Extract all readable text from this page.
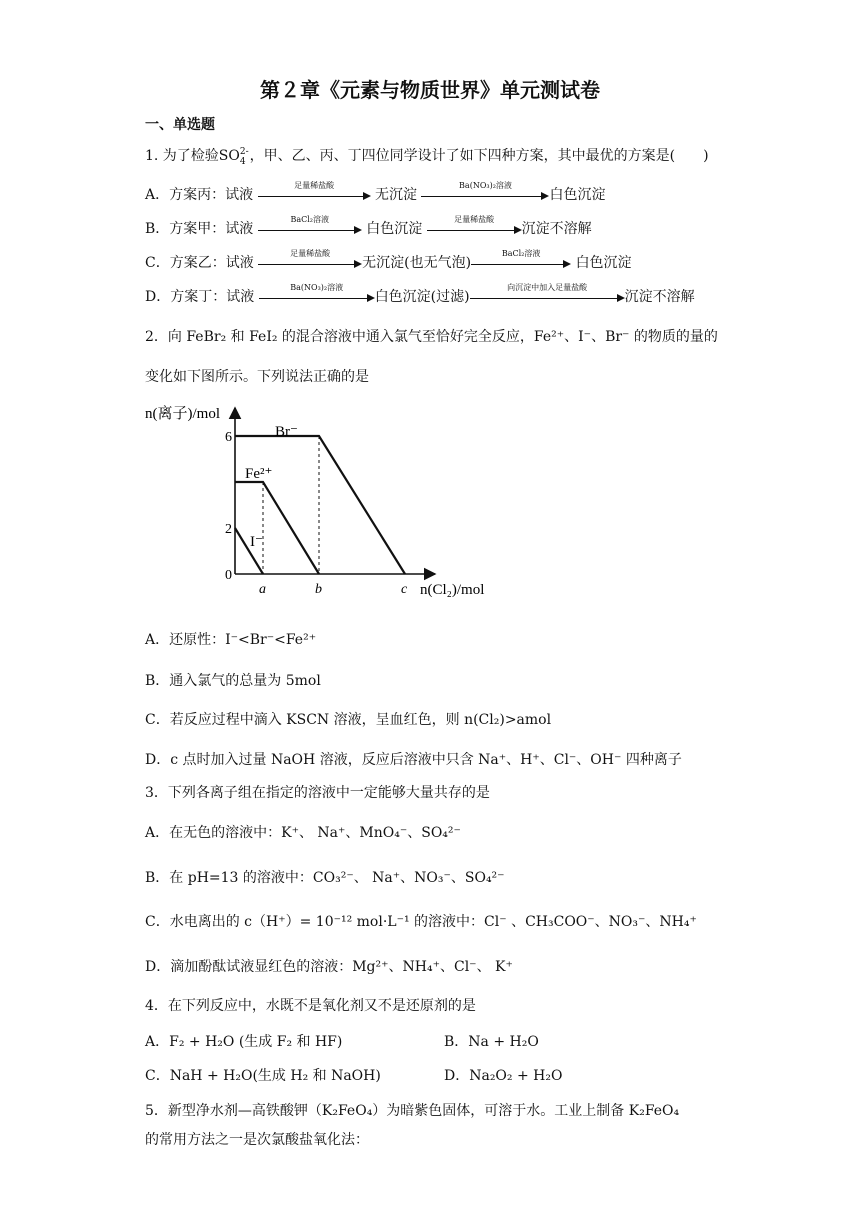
第２章《元素与物质世界》单元测试卷
一、单选题
1. 为了检验SO2-
4 ，甲、乙、丙、丁四位同学设计了如下四种方案，其中最优的方案是(　　)
A．方案丙：试液
足量稀盐酸
无沉淀
Ba(NO₃)₂溶液
白色沉淀
B．方案甲：试液
BaCl₂溶液
白色沉淀
足量稀盐酸
沉淀不溶解
C．方案乙：试液
足量稀盐酸
无沉淀(也无气泡)
BaCl₂溶液
白色沉淀
D．方案丁：试液
Ba(NO₃)₂溶液
白色沉淀(过滤)
向沉淀中加入足量盐酸
沉淀不溶解
2．向 FeBr₂ 和 FeI₂ 的混合溶液中通入氯气至恰好完全反应，Fe²⁺、I⁻、Br⁻ 的物质的量的
变化如下图所示。下列说法正确的是
n(离子)/mol
n(Cl₂)/mol
0
2
6
a	b	c
Br⁻
Fe²⁺
I⁻
A．还原性：I⁻<Br⁻<Fe²⁺
B．通入氯气的总量为 5mol
C．若反应过程中滴入 KSCN 溶液，呈血红色，则 n(Cl₂)>amol
D．c 点时加入过量 NaOH 溶液，反应后溶液中只含 Na⁺、H⁺、Cl⁻、OH⁻ 四种离子
3．下列各离子组在指定的溶液中一定能够大量共存的是
A．在无色的溶液中：K⁺、 Na⁺、MnO₄⁻、SO₄²⁻
B．在 pH=13 的溶液中：CO₃²⁻、 Na⁺、NO₃⁻、SO₄²⁻
C．水电离出的 c（H⁺）= 10⁻¹² mol·L⁻¹ 的溶液中：Cl⁻ 、CH₃COO⁻、NO₃⁻、NH₄⁺
D．滴加酚酞试液显红色的溶液：Mg²⁺、NH₄⁺、Cl⁻、 K⁺
4．在下列反应中，水既不是氧化剂又不是还原剂的是
A．F₂ + H₂O (生成 F₂ 和 HF)	B．Na + H₂O
C．NaH + H₂O(生成 H₂ 和 NaOH)	D．Na₂O₂ + H₂O
5．新型净水剂—高铁酸钾（K₂FeO₄）为暗紫色固体，可溶于水。工业上制备 K₂FeO₄
的常用方法之一是次氯酸盐氧化法：
